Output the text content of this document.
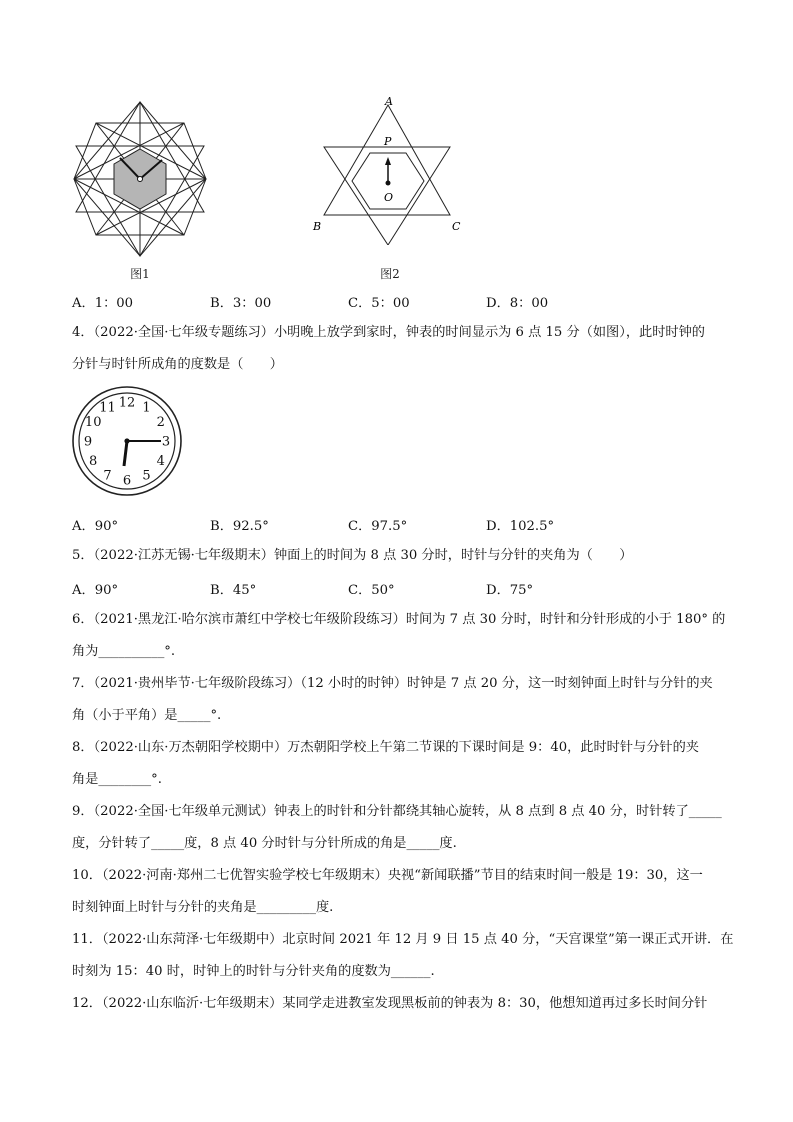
图1
A
P
O
B	C
图2
A．1：00	B．3：00	C．5：00	D．8：00
4．（2022·全国·七年级专题练习）小明晚上放学到家时，钟表的时间显示为 6 点 15 分（如图），此时时钟的
分针与时针所成角的度数是（　　）
12 1
2
3
4
5
6
7
8
9
10
11
A．90°	B．92.5°	C．97.5°	D．102.5°
5．（2022·江苏无锡·七年级期末）钟面上的时间为 8 点 30 分时，时针与分针的夹角为（　　）
A．90°	B．45°	C．50°	D．75°
6．（2021·黑龙江·哈尔滨市萧红中学校七年级阶段练习）时间为 7 点 30 分时，时针和分针形成的小于 180° 的
角为__________°.
7．（2021·贵州毕节·七年级阶段练习）（12 小时的时钟）时钟是 7 点 20 分，这一时刻钟面上时针与分针的夹
角（小于平角）是_____°.
8．（2022·山东·万杰朝阳学校期中）万杰朝阳学校上午第二节课的下课时间是 9：40，此时时针与分针的夹
角是________°.
9．（2022·全国·七年级单元测试）钟表上的时针和分针都绕其轴心旋转，从 8 点到 8 点 40 分，时针转了_____
度，分针转了_____度，8 点 40 分时针与分针所成的角是_____度.
10．（2022·河南·郑州二七优智实验学校七年级期末）央视“新闻联播”节目的结束时间一般是 19：30，这一
时刻钟面上时针与分针的夹角是_________度.
11．（2022·山东菏泽·七年级期中）北京时间 2021 年 12 月 9 日 15 点 40 分，“天宫课堂”第一课正式开讲．在
时刻为 15：40 时，时钟上的时针与分针夹角的度数为______.
12．（2022·山东临沂·七年级期末）某同学走进教室发现黑板前的钟表为 8：30，他想知道再过多长时间分针
